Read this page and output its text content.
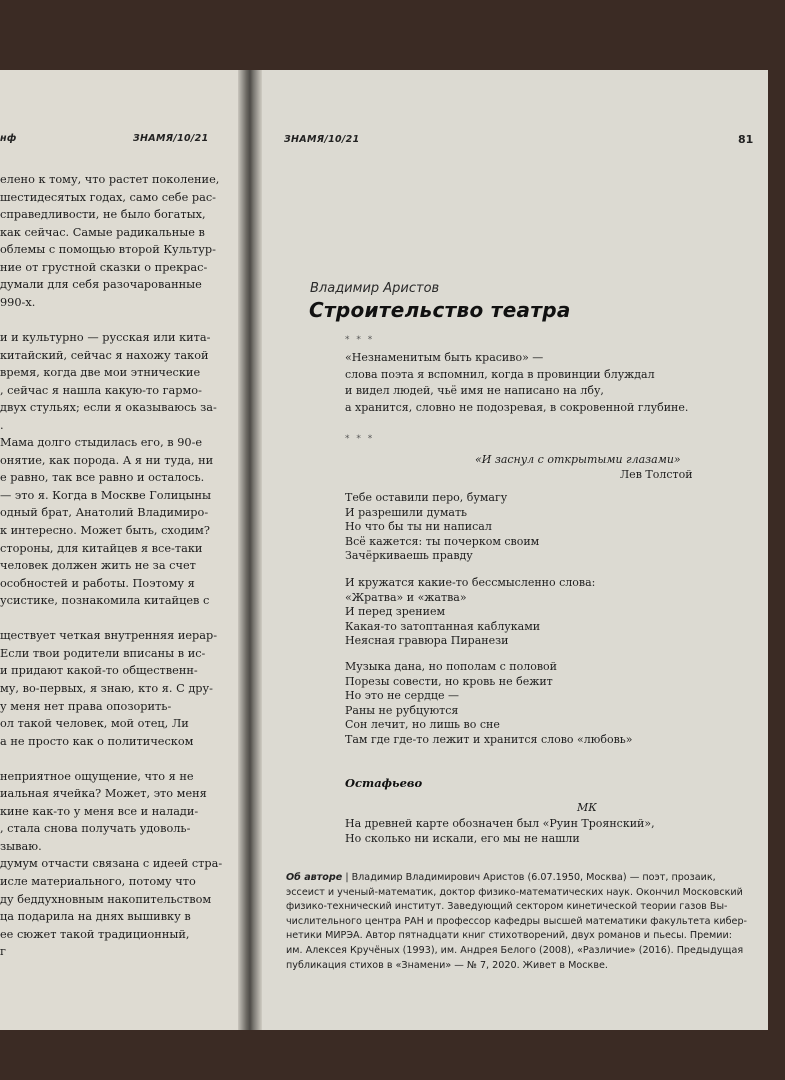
нф	ЗНАМЯ/10/21
елено к тому, что растет поколение,
шестидесятых годах, само себе рас-
справедливости, не было богатых,
как сейчас. Самые радикальные в
облемы с помощью второй Культур-
ние от грустной сказки о прекрас-
думали для себя разочарованные
990-х.
и и культурно — русская или кита-
китайский, сейчас я нахожу такой
время, когда две мои этнические
, сейчас я нашла какую-то гармо-
двух стульях; если я оказываюсь за-
.
Мама долго стыдилась его, в 90-е
онятие, как порода. А я ни туда, ни
е равно, так все равно и осталось.
— это я. Когда в Москве Голицыны
одный брат, Анатолий Владимиро-
к интересно. Может быть, сходим?
стороны, для китайцев я все-таки
человек должен жить не за счет
особностей и работы. Поэтому я
усистике, познакомила китайцев с
ществует четкая внутренняя иерар-
Если твои родители вписаны в ис-
и придают какой-то общественн-
му, во-первых, я знаю, кто я. С дру-
у меня нет права опозорить-
ол такой человек, мой отец, Ли
а не просто как о политическом
неприятное ощущение, что я не
иальная ячейка? Может, это меня
кине как-то у меня все и налади-
, стала снова получать удоволь-
зываю.
думум отчасти связана с идеей стра-
исле материального, потому что
ду беддухновным накопительством
ца подарила на днях вышивку в
ее сюжет такой традиционный,
г
ЗНАМЯ/10/21	81
Владимир Аристов
Строительство театра
* * *
«Незнаменитым быть красиво» —
слова поэта я вспомнил, когда в провинции блуждал
и видел людей, чьё имя не написано на лбу,
а хранится, словно не подозревая, в сокровенной глубине.
* * *
«И заснул с открытыми глазами»
Лев Толстой
Тебе оставили перо, бумагу
И разрешили думать
Но что бы ты ни написал
Всё кажется: ты почерком своим
Зачёркиваешь правду
И кружатся какие-то бессмысленно слова:
«Жратва» и «жатва»
И перед зрением
Какая-то затоптанная каблуками
Неясная гравюра Пиранези
Музыка дана, но пополам с половой
Порезы совести, но кровь не бежит
Но это не сердце —
Раны не рубцуются
Сон лечит, но лишь во сне
Там где где-то лежит и хранится слово «любовь»
Остафьево
МК
На древней карте обозначен был «Руин Троянский»,
Но сколько ни искали, его мы не нашли
Об авторе | Владимир Владимирович Аристов (6.07.1950, Москва) — поэт, прозаик,
эссеист и ученый-математик, доктор физико-математических наук. Окончил Московский
физико-технический институт. Заведующий сектором кинетической теории газов Вы-
числительного центра РАН и профессор кафедры высшей математики факультета кибер-
нетики МИРЭА. Автор пятнадцати книг стихотворений, двух романов и пьесы. Премии:
им. Алексея Кручёных (1993), им. Андрея Белого (2008), «Различие» (2016). Предыдущая
публикация стихов в «Знамени» — № 7, 2020. Живет в Москве.
